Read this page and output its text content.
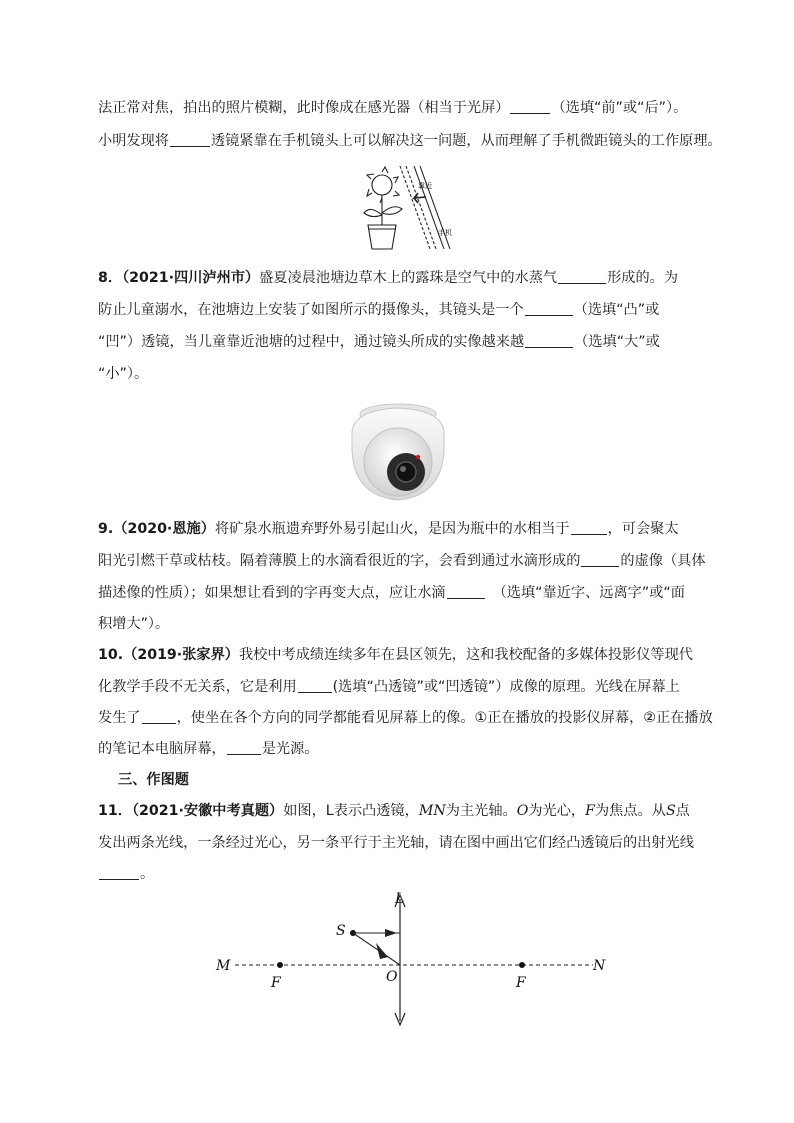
法正常对焦，拍出的照片模糊，此时像成在感光器（相当于光屏）	（选填“前”或“后”）。
小明发现将	透镜紧靠在手机镜头上可以解决这一问题，从而理解了手机微距镜头的工作原理。
靠近
手机
8．（2021·四川泸州市）盛夏凌晨池塘边草木上的露珠是空气中的水蒸气	形成的。为
防止儿童溺水，在池塘边上安装了如图所示的摄像头，其镜头是一个	（选填“凸”或
“凹”）透镜，当儿童靠近池塘的过程中，通过镜头所成的实像越来越	（选填“大”或
“小”）。
9.（2020·恩施）将矿泉水瓶遗弃野外易引起山火，是因为瓶中的水相当于	，可会聚太
阳光引燃干草或枯枝。隔着薄膜上的水滴看很近的字，会看到通过水滴形成的	的虚像（具体
描述像的性质）；如果想让看到的字再变大点，应让水滴	（选填“靠近字、远离字”或“面
积增大”）。
10.（2019·张家界）我校中考成绩连续多年在县区领先，这和我校配备的多媒体投影仪等现代
化教学手段不无关系，它是利用	(选填“凸透镜”或“凹透镜”）成像的原理。光线在屏幕上
发生了	，使坐在各个方向的同学都能看见屏幕上的像。①正在播放的投影仪屏幕，②正在播放
的笔记本电脑屏幕，	是光源。
三、作图题
11．（2021·安徽中考真题）如图，L表示凸透镜，MN为主光轴。O为光心，F为焦点。从S点
发出两条光线，一条经过光心，另一条平行于主光轴，请在图中画出它们经凸透镜后的出射光线
。
L
S
M	N
O
F	F
